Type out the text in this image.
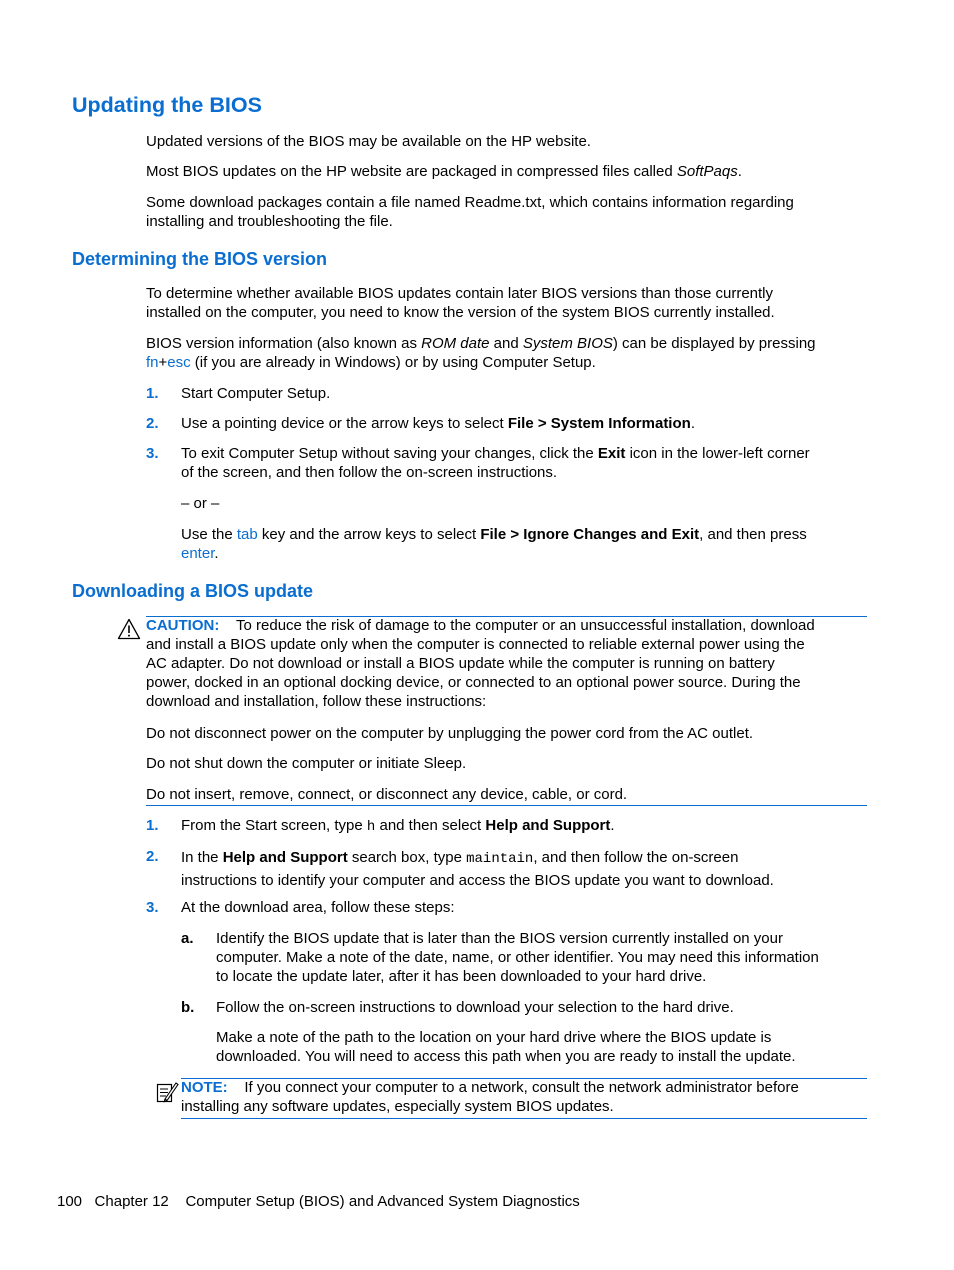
Updating the BIOS
Updated versions of the BIOS may be available on the HP website.
Most BIOS updates on the HP website are packaged in compressed files called SoftPaqs.
Some download packages contain a file named Readme.txt, which contains information regarding
installing and troubleshooting the file.
Determining the BIOS version
To determine whether available BIOS updates contain later BIOS versions than those currently
installed on the computer, you need to know the version of the system BIOS currently installed.
BIOS version information (also known as ROM date and System BIOS) can be displayed by pressing
fn+esc (if you are already in Windows) or by using Computer Setup.
1. Start Computer Setup.
2. Use a pointing device or the arrow keys to select File > System Information.
3. To exit Computer Setup without saving your changes, click the Exit icon in the lower-left corner
of the screen, and then follow the on-screen instructions.
– or –
Use the tab key and the arrow keys to select File > Ignore Changes and Exit, and then press
enter.
Downloading a BIOS update
CAUTION: To reduce the risk of damage to the computer or an unsuccessful installation, download
and install a BIOS update only when the computer is connected to reliable external power using the
AC adapter. Do not download or install a BIOS update while the computer is running on battery
power, docked in an optional docking device, or connected to an optional power source. During the
download and installation, follow these instructions:
Do not disconnect power on the computer by unplugging the power cord from the AC outlet.
Do not shut down the computer or initiate Sleep.
Do not insert, remove, connect, or disconnect any device, cable, or cord.
1. From the Start screen, type h and then select Help and Support.
2. In the Help and Support search box, type maintain, and then follow the on-screen
instructions to identify your computer and access the BIOS update you want to download.
3. At the download area, follow these steps:
a. Identify the BIOS update that is later than the BIOS version currently installed on your
computer. Make a note of the date, name, or other identifier. You may need this information
to locate the update later, after it has been downloaded to your hard drive.
b. Follow the on-screen instructions to download your selection to the hard drive.
Make a note of the path to the location on your hard drive where the BIOS update is
downloaded. You will need to access this path when you are ready to install the update.
NOTE: If you connect your computer to a network, consult the network administrator before
installing any software updates, especially system BIOS updates.
100 Chapter 12 Computer Setup (BIOS) and Advanced System Diagnostics
